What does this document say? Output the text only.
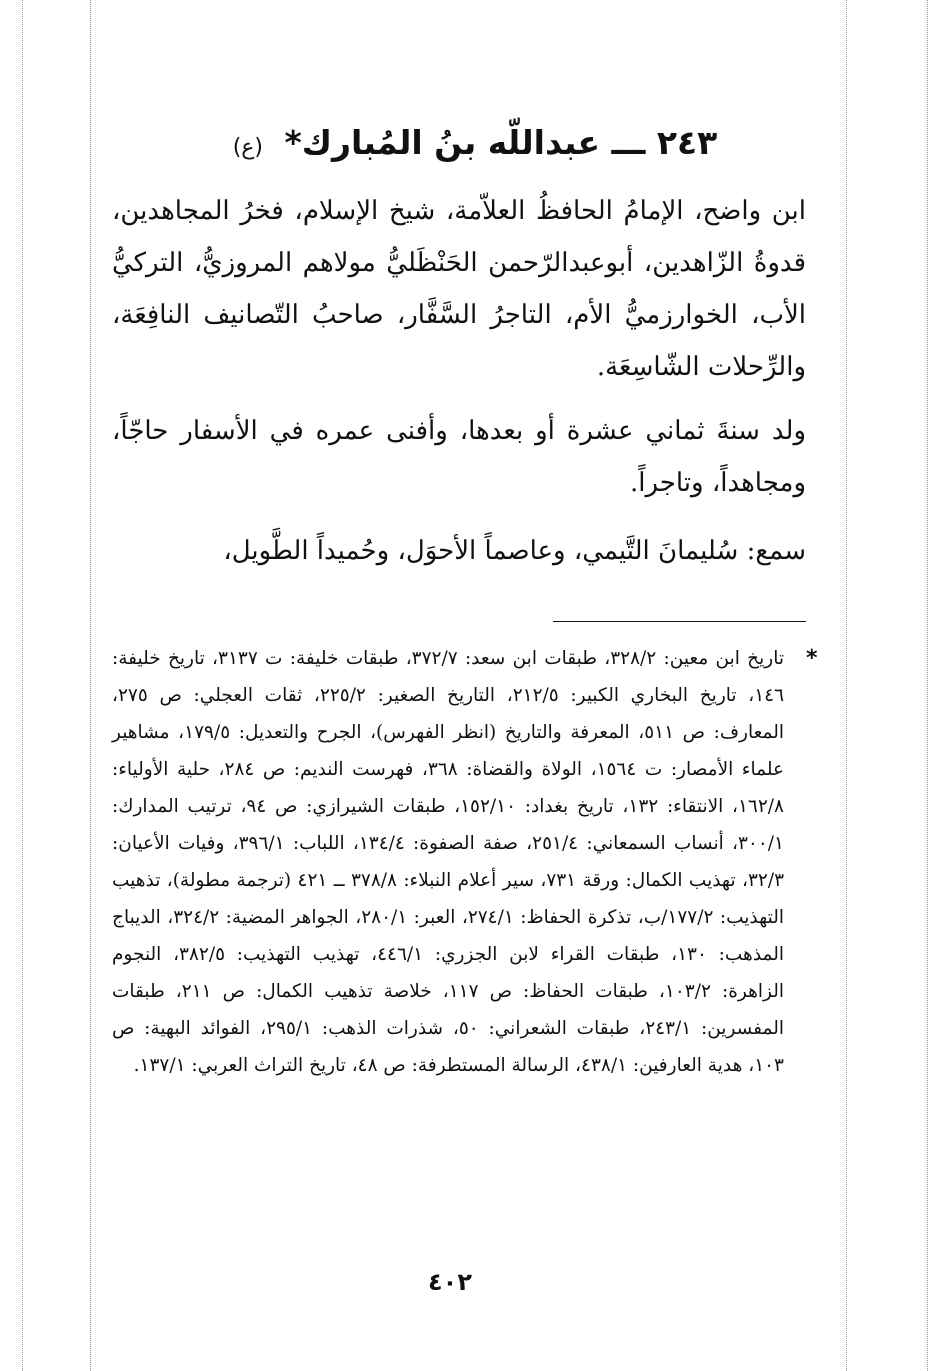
٢٤٣ ـــ عبداللّه بنُ المُبارك* (ع)

ابن واضح، الإمامُ الحافظُ العلاّمة، شيخ الإسلام، فخرُ المجاهدين، قدوةُ الزّاهدين، أبوعبدالرّحمن الحَنْظَليُّ مولاهم المروزيُّ، التركيُّ الأب، الخوارزميُّ الأم، التاجرُ السَّفَّار، صاحبُ التّصانيف النافِعَة، والرِّحلات الشّاسِعَة.

ولد سنةَ ثماني عشرة أو بعدها، وأفنى عمره في الأسفار حاجّاً، ومجاهداً، وتاجراً.

سمع: سُليمانَ التَّيمي، وعاصماً الأحوَل، وحُميداً الطَّويل،

*

تاريخ ابن معين: ٣٢٨/٢، طبقات ابن سعد: ٣٧٢/٧، طبقات خليفة: ت ٣١٣٧، تاريخ خليفة: ١٤٦، تاريخ البخاري الكبير: ٢١٢/٥، التاريخ الصغير: ٢٢٥/٢، ثقات العجلي: ص ٢٧٥، المعارف: ص ٥١١، المعرفة والتاريخ (انظر الفهرس)، الجرح والتعديل: ١٧٩/٥، مشاهير علماء الأمصار: ت ١٥٦٤، الولاة والقضاة: ٣٦٨، فهرست النديم: ص ٢٨٤، حلية الأولياء: ١٦٢/٨، الانتقاء: ١٣٢، تاريخ بغداد: ١٥٢/١٠، طبقات الشيرازي: ص ٩٤، ترتيب المدارك: ٣٠٠/١، أنساب السمعاني: ٢٥١/٤، صفة الصفوة: ١٣٤/٤، اللباب: ٣٩٦/١، وفيات الأعيان: ٣٢/٣، تهذيب الكمال: ورقة ٧٣١، سير أعلام النبلاء: ٣٧٨/٨ ــ ٤٢١ (ترجمة مطولة)، تذهيب التهذيب: ١٧٧/٢/ب، تذكرة الحفاظ: ٢٧٤/١، العبر: ٢٨٠/١، الجواهر المضية: ٣٢٤/٢، الديباج المذهب: ١٣٠، طبقات القراء لابن الجزري: ٤٤٦/١، تهذيب التهذيب: ٣٨٢/٥، النجوم الزاهرة: ١٠٣/٢، طبقات الحفاظ: ص ١١٧، خلاصة تذهيب الكمال: ص ٢١١، طبقات المفسرين: ٢٤٣/١، طبقات الشعراني: ٥٠، شذرات الذهب: ٢٩٥/١، الفوائد البهية: ص ١٠٣، هدية العارفين: ٤٣٨/١، الرسالة المستطرفة: ص ٤٨، تاريخ التراث العربي: ١٣٧/١.

٤٠٢
